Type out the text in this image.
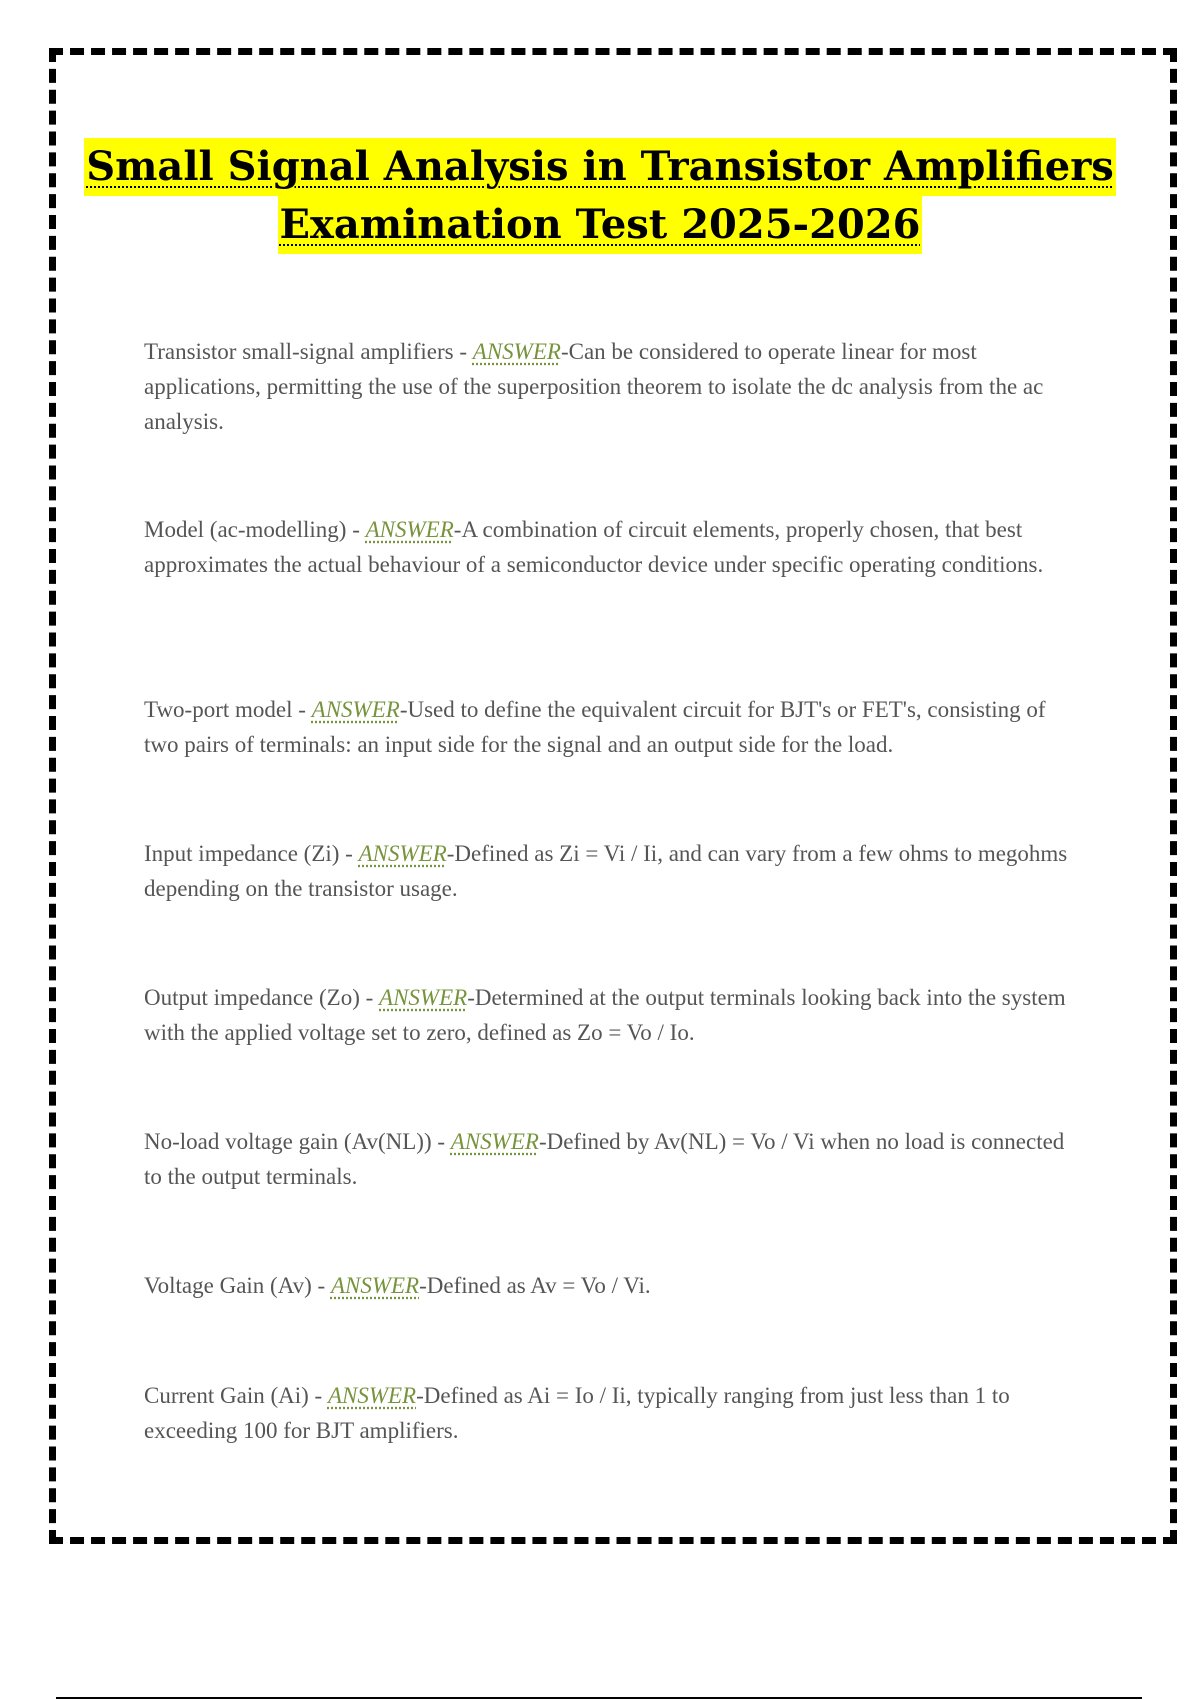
Small Signal Analysis in Transistor Amplifiers
Examination Test 2025-2026
Transistor small-signal amplifiers - ANSWER-Can be considered to operate linear for most applications, permitting the use of the superposition theorem to isolate the dc analysis from the ac analysis.
Model (ac-modelling) - ANSWER-A combination of circuit elements, properly chosen, that best approximates the actual behaviour of a semiconductor device under specific operating conditions.
Two-port model - ANSWER-Used to define the equivalent circuit for BJT's or FET's, consisting of two pairs of terminals: an input side for the signal and an output side for the load.
Input impedance (Zi) - ANSWER-Defined as Zi = Vi / Ii, and can vary from a few ohms to megohms depending on the transistor usage.
Output impedance (Zo) - ANSWER-Determined at the output terminals looking back into the system with the applied voltage set to zero, defined as Zo = Vo / Io.
No-load voltage gain (Av(NL)) - ANSWER-Defined by Av(NL) = Vo / Vi when no load is connected to the output terminals.
Voltage Gain (Av) - ANSWER-Defined as Av = Vo / Vi.
Current Gain (Ai) - ANSWER-Defined as Ai = Io / Ii, typically ranging from just less than 1 to exceeding 100 for BJT amplifiers.
